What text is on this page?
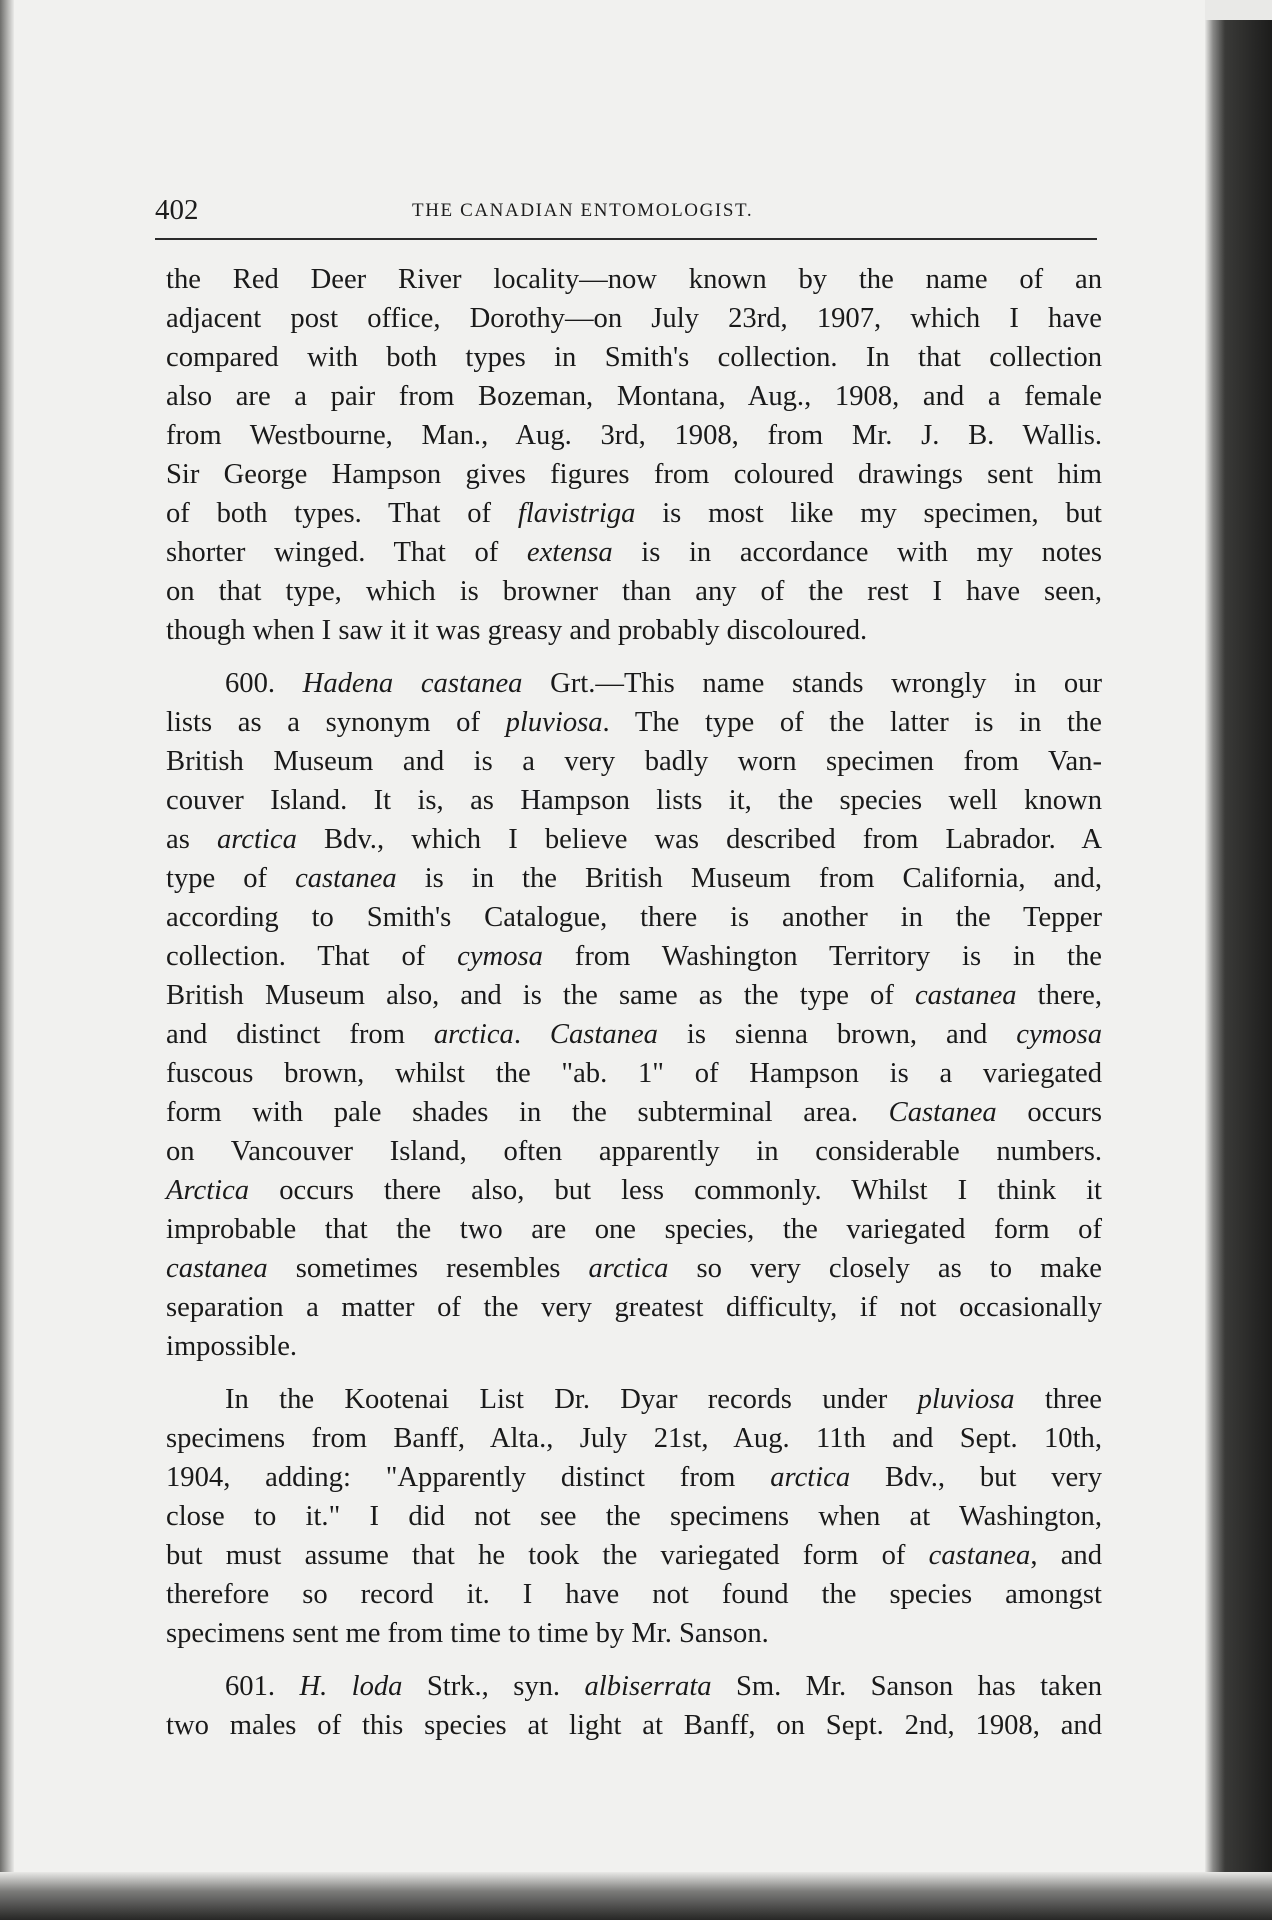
402	THE CANADIAN ENTOMOLOGIST.
the Red Deer River locality—now known by the name of an
adjacent post office, Dorothy—on July 23rd, 1907, which I have
compared with both types in Smith's collection. In that collection
also are a pair from Bozeman, Montana, Aug., 1908, and a female
from Westbourne, Man., Aug. 3rd, 1908, from Mr. J. B. Wallis.
Sir George Hampson gives figures from coloured drawings sent him
of both types. That of flavistriga is most like my specimen, but
shorter winged. That of extensa is in accordance with my notes
on that type, which is browner than any of the rest I have seen,
though when I saw it it was greasy and probably discoloured.
600. Hadena castanea Grt.—This name stands wrongly in our
lists as a synonym of pluviosa. The type of the latter is in the
British Museum and is a very badly worn specimen from Van-
couver Island. It is, as Hampson lists it, the species well known
as arctica Bdv., which I believe was described from Labrador. A
type of castanea is in the British Museum from California, and,
according to Smith's Catalogue, there is another in the Tepper
collection. That of cymosa from Washington Territory is in the
British Museum also, and is the same as the type of castanea there,
and distinct from arctica. Castanea is sienna brown, and cymosa
fuscous brown, whilst the "ab. 1" of Hampson is a variegated
form with pale shades in the subterminal area. Castanea occurs
on Vancouver Island, often apparently in considerable numbers.
Arctica occurs there also, but less commonly. Whilst I think it
improbable that the two are one species, the variegated form of
castanea sometimes resembles arctica so very closely as to make
separation a matter of the very greatest difficulty, if not occasionally
impossible.
In the Kootenai List Dr. Dyar records under pluviosa three
specimens from Banff, Alta., July 21st, Aug. 11th and Sept. 10th,
1904, adding: "Apparently distinct from arctica Bdv., but very
close to it." I did not see the specimens when at Washington,
but must assume that he took the variegated form of castanea, and
therefore so record it. I have not found the species amongst
specimens sent me from time to time by Mr. Sanson.
601. H. loda Strk., syn. albiserrata Sm. Mr. Sanson has taken
two males of this species at light at Banff, on Sept. 2nd, 1908, and
